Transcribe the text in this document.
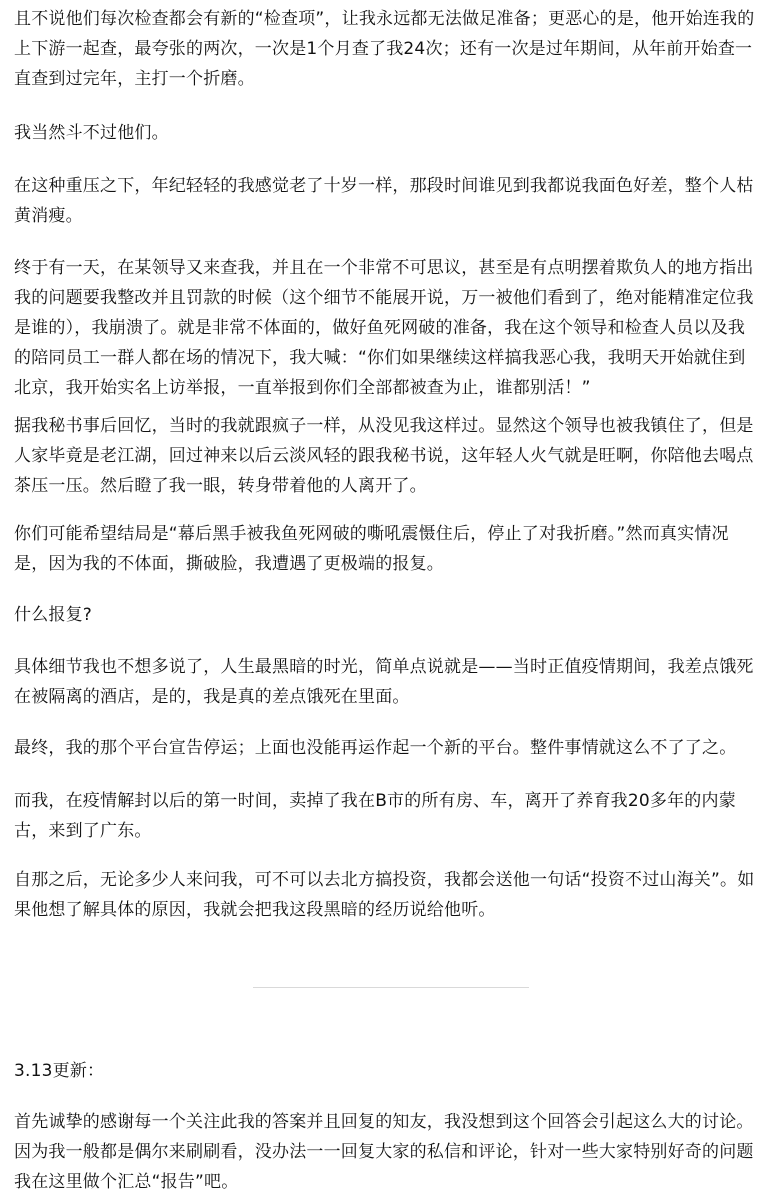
且不说他们每次检查都会有新的“检查项”，让我永远都无法做足准备；更恶心的是，他开始连我的上下游一起查，最夸张的两次，一次是1个月查了我24次；还有一次是过年期间，从年前开始查一直查到过完年，主打一个折磨。

我当然斗不过他们。

在这种重压之下，年纪轻轻的我感觉老了十岁一样，那段时间谁见到我都说我面色好差，整个人枯黄消瘦。

终于有一天，在某领导又来查我，并且在一个非常不可思议，甚至是有点明摆着欺负人的地方指出我的问题要我整改并且罚款的时候（这个细节不能展开说，万一被他们看到了，绝对能精准定位我是谁的），我崩溃了。就是非常不体面的，做好鱼死网破的准备，我在这个领导和检查人员以及我的陪同员工一群人都在场的情况下，我大喊：“你们如果继续这样搞我恶心我，我明天开始就住到北京，我开始实名上访举报，一直举报到你们全部都被查为止，谁都别活！”

据我秘书事后回忆，当时的我就跟疯子一样，从没见我这样过。显然这个领导也被我镇住了，但是人家毕竟是老江湖，回过神来以后云淡风轻的跟我秘书说，这年轻人火气就是旺啊，你陪他去喝点茶压一压。然后瞪了我一眼，转身带着他的人离开了。

你们可能希望结局是“幕后黑手被我鱼死网破的嘶吼震慑住后，停止了对我折磨。”然而真实情况是，因为我的不体面，撕破脸，我遭遇了更极端的报复。

什么报复?

具体细节我也不想多说了，人生最黑暗的时光，简单点说就是——当时正值疫情期间，我差点饿死在被隔离的酒店，是的，我是真的差点饿死在里面。

最终，我的那个平台宣告停运；上面也没能再运作起一个新的平台。整件事情就这么不了了之。

而我，在疫情解封以后的第一时间，卖掉了我在B市的所有房、车，离开了养育我20多年的内蒙古，来到了广东。

自那之后，无论多少人来问我，可不可以去北方搞投资，我都会送他一句话“投资不过山海关”。如果他想了解具体的原因，我就会把我这段黑暗的经历说给他听。

3.13更新：

首先诚挚的感谢每一个关注此我的答案并且回复的知友，我没想到这个回答会引起这么大的讨论。因为我一般都是偶尔来刷刷看，没办法一一回复大家的私信和评论，针对一些大家特别好奇的问题我在这里做个汇总“报告”吧。
